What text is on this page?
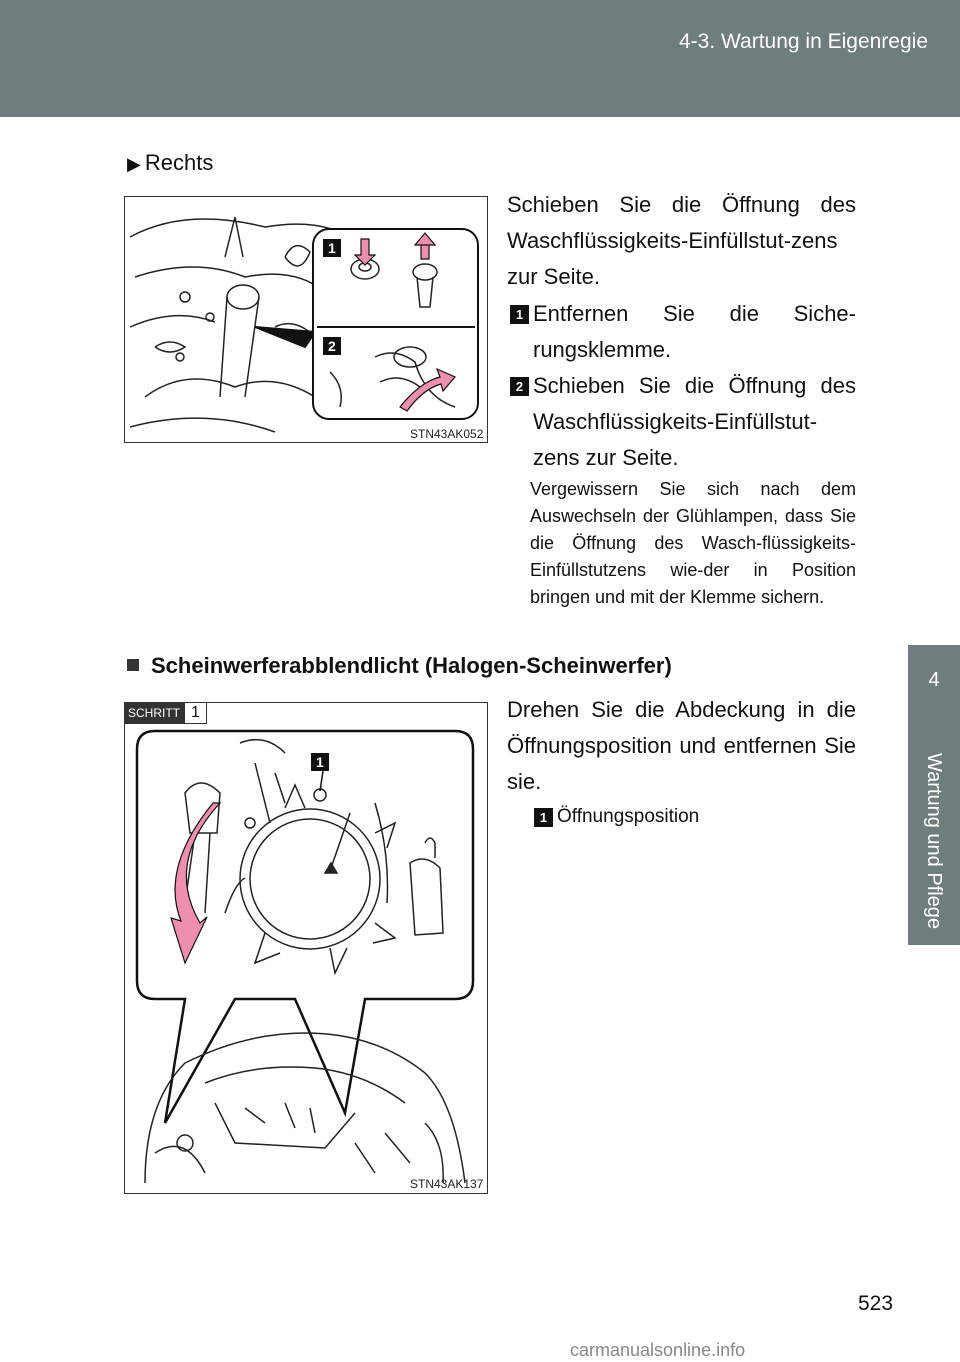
4-3. Wartung in Eigenregie
4
Wartung und Pflege
▶ Rechts
1
2
STN43AK052
Schieben Sie die Öffnung des Waschflüssigkeits-Einfüllstut-zens zur Seite.
1 Entfernen Sie die Siche-rungsklemme.
2 Schieben Sie die Öffnung des Waschflüssigkeits-Einfüllstut-zens zur Seite.
Vergewissern Sie sich nach dem Auswechseln der Glühlampen, dass Sie die Öffnung des Wasch-flüssigkeits-Einfüllstutzens wie-der in Position bringen und mit der Klemme sichern.
Scheinwerferabblendlicht (Halogen-Scheinwerfer)
1
STN43AK137
SCHRITT 1	Drehen Sie die Abdeckung in die Öffnungsposition und entfernen Sie sie.
1 Öffnungsposition
523
carmanualsonline.info
